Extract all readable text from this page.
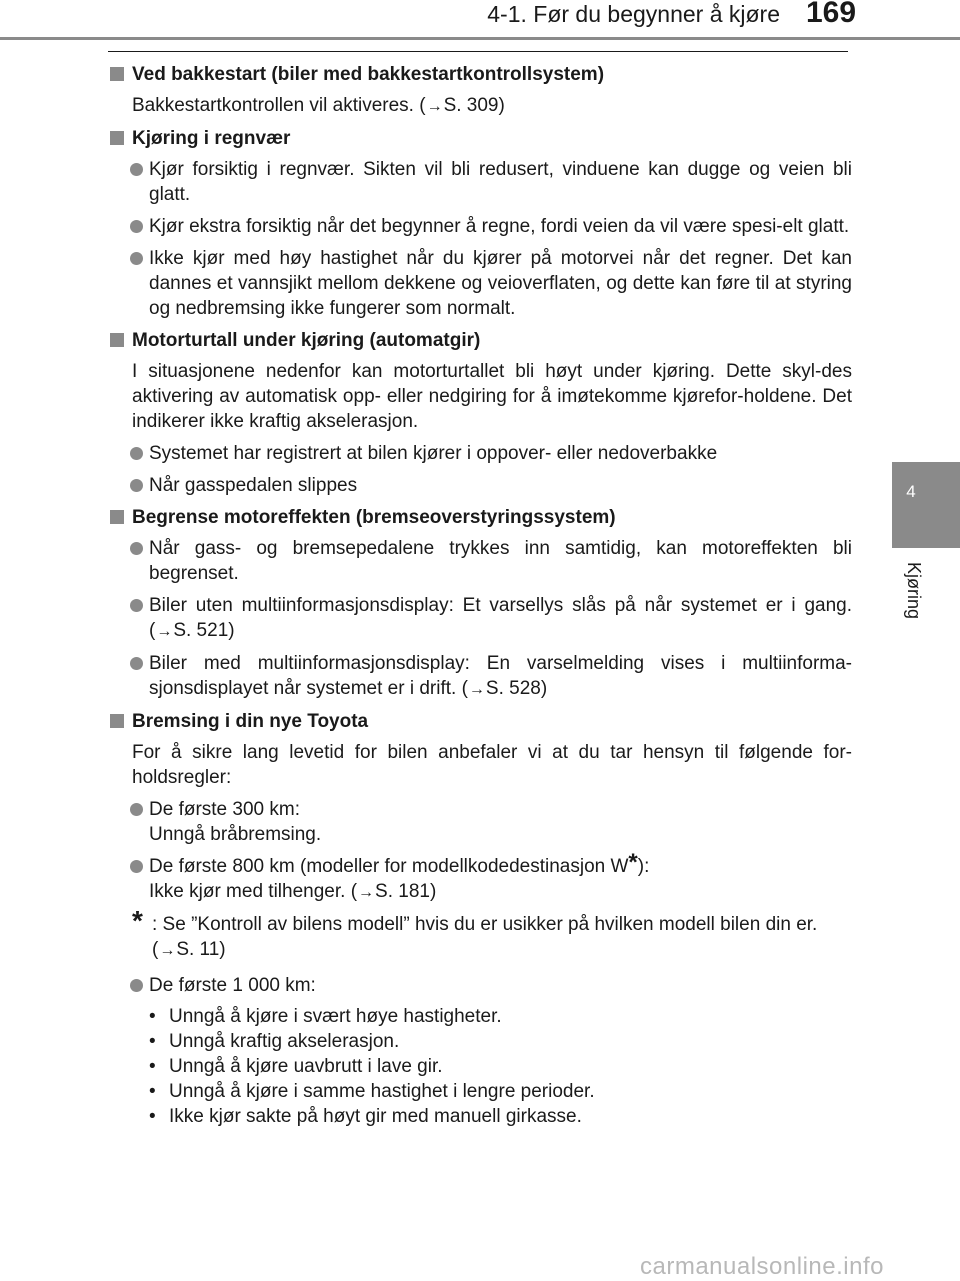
4-1. Før du begynner å kjøre 169
4
Kjøring
Ved bakkestart (biler med bakkestartkontrollsystem)
Bakkestartkontrollen vil aktiveres. (→S. 309)
Kjøring i regnvær
Kjør forsiktig i regnvær. Sikten vil bli redusert, vinduene kan dugge og veien bli glatt.
Kjør ekstra forsiktig når det begynner å regne, fordi veien da vil være spesi-elt glatt.
Ikke kjør med høy hastighet når du kjører på motorvei når det regner. Det kan dannes et vannsjikt mellom dekkene og veioverflaten, og dette kan føre til at styring og nedbremsing ikke fungerer som normalt.
Motorturtall under kjøring (automatgir)
I situasjonene nedenfor kan motorturtallet bli høyt under kjøring. Dette skyl-des aktivering av automatisk opp- eller nedgiring for å imøtekomme kjørefor-holdene. Det indikerer ikke kraftig akselerasjon.
Systemet har registrert at bilen kjører i oppover- eller nedoverbakke
Når gasspedalen slippes
Begrense motoreffekten (bremseoverstyringssystem)
Når gass- og bremsepedalene trykkes inn samtidig, kan motoreffekten bli begrenset.
Biler uten multiinformasjonsdisplay: Et varsellys slås på når systemet er i gang. (→S. 521)
Biler med multiinformasjonsdisplay: En varselmelding vises i multiinforma-sjonsdisplayet når systemet er i drift. (→S. 528)
Bremsing i din nye Toyota
For å sikre lang levetid for bilen anbefaler vi at du tar hensyn til følgende for-holdsregler:
De første 300 km:
Unngå bråbremsing.
De første 800 km (modeller for modellkodedestinasjon W*):
Ikke kjør med tilhenger. (→S. 181)
* : Se ”Kontroll av bilens modell” hvis du er usikker på hvilken modell bilen din er. (→S. 11)
De første 1 000 km:
• Unngå å kjøre i svært høye hastigheter.
• Unngå kraftig akselerasjon.
• Unngå å kjøre uavbrutt i lave gir.
• Unngå å kjøre i samme hastighet i lengre perioder.
• Ikke kjør sakte på høyt gir med manuell girkasse.
carmanualsonline.info
